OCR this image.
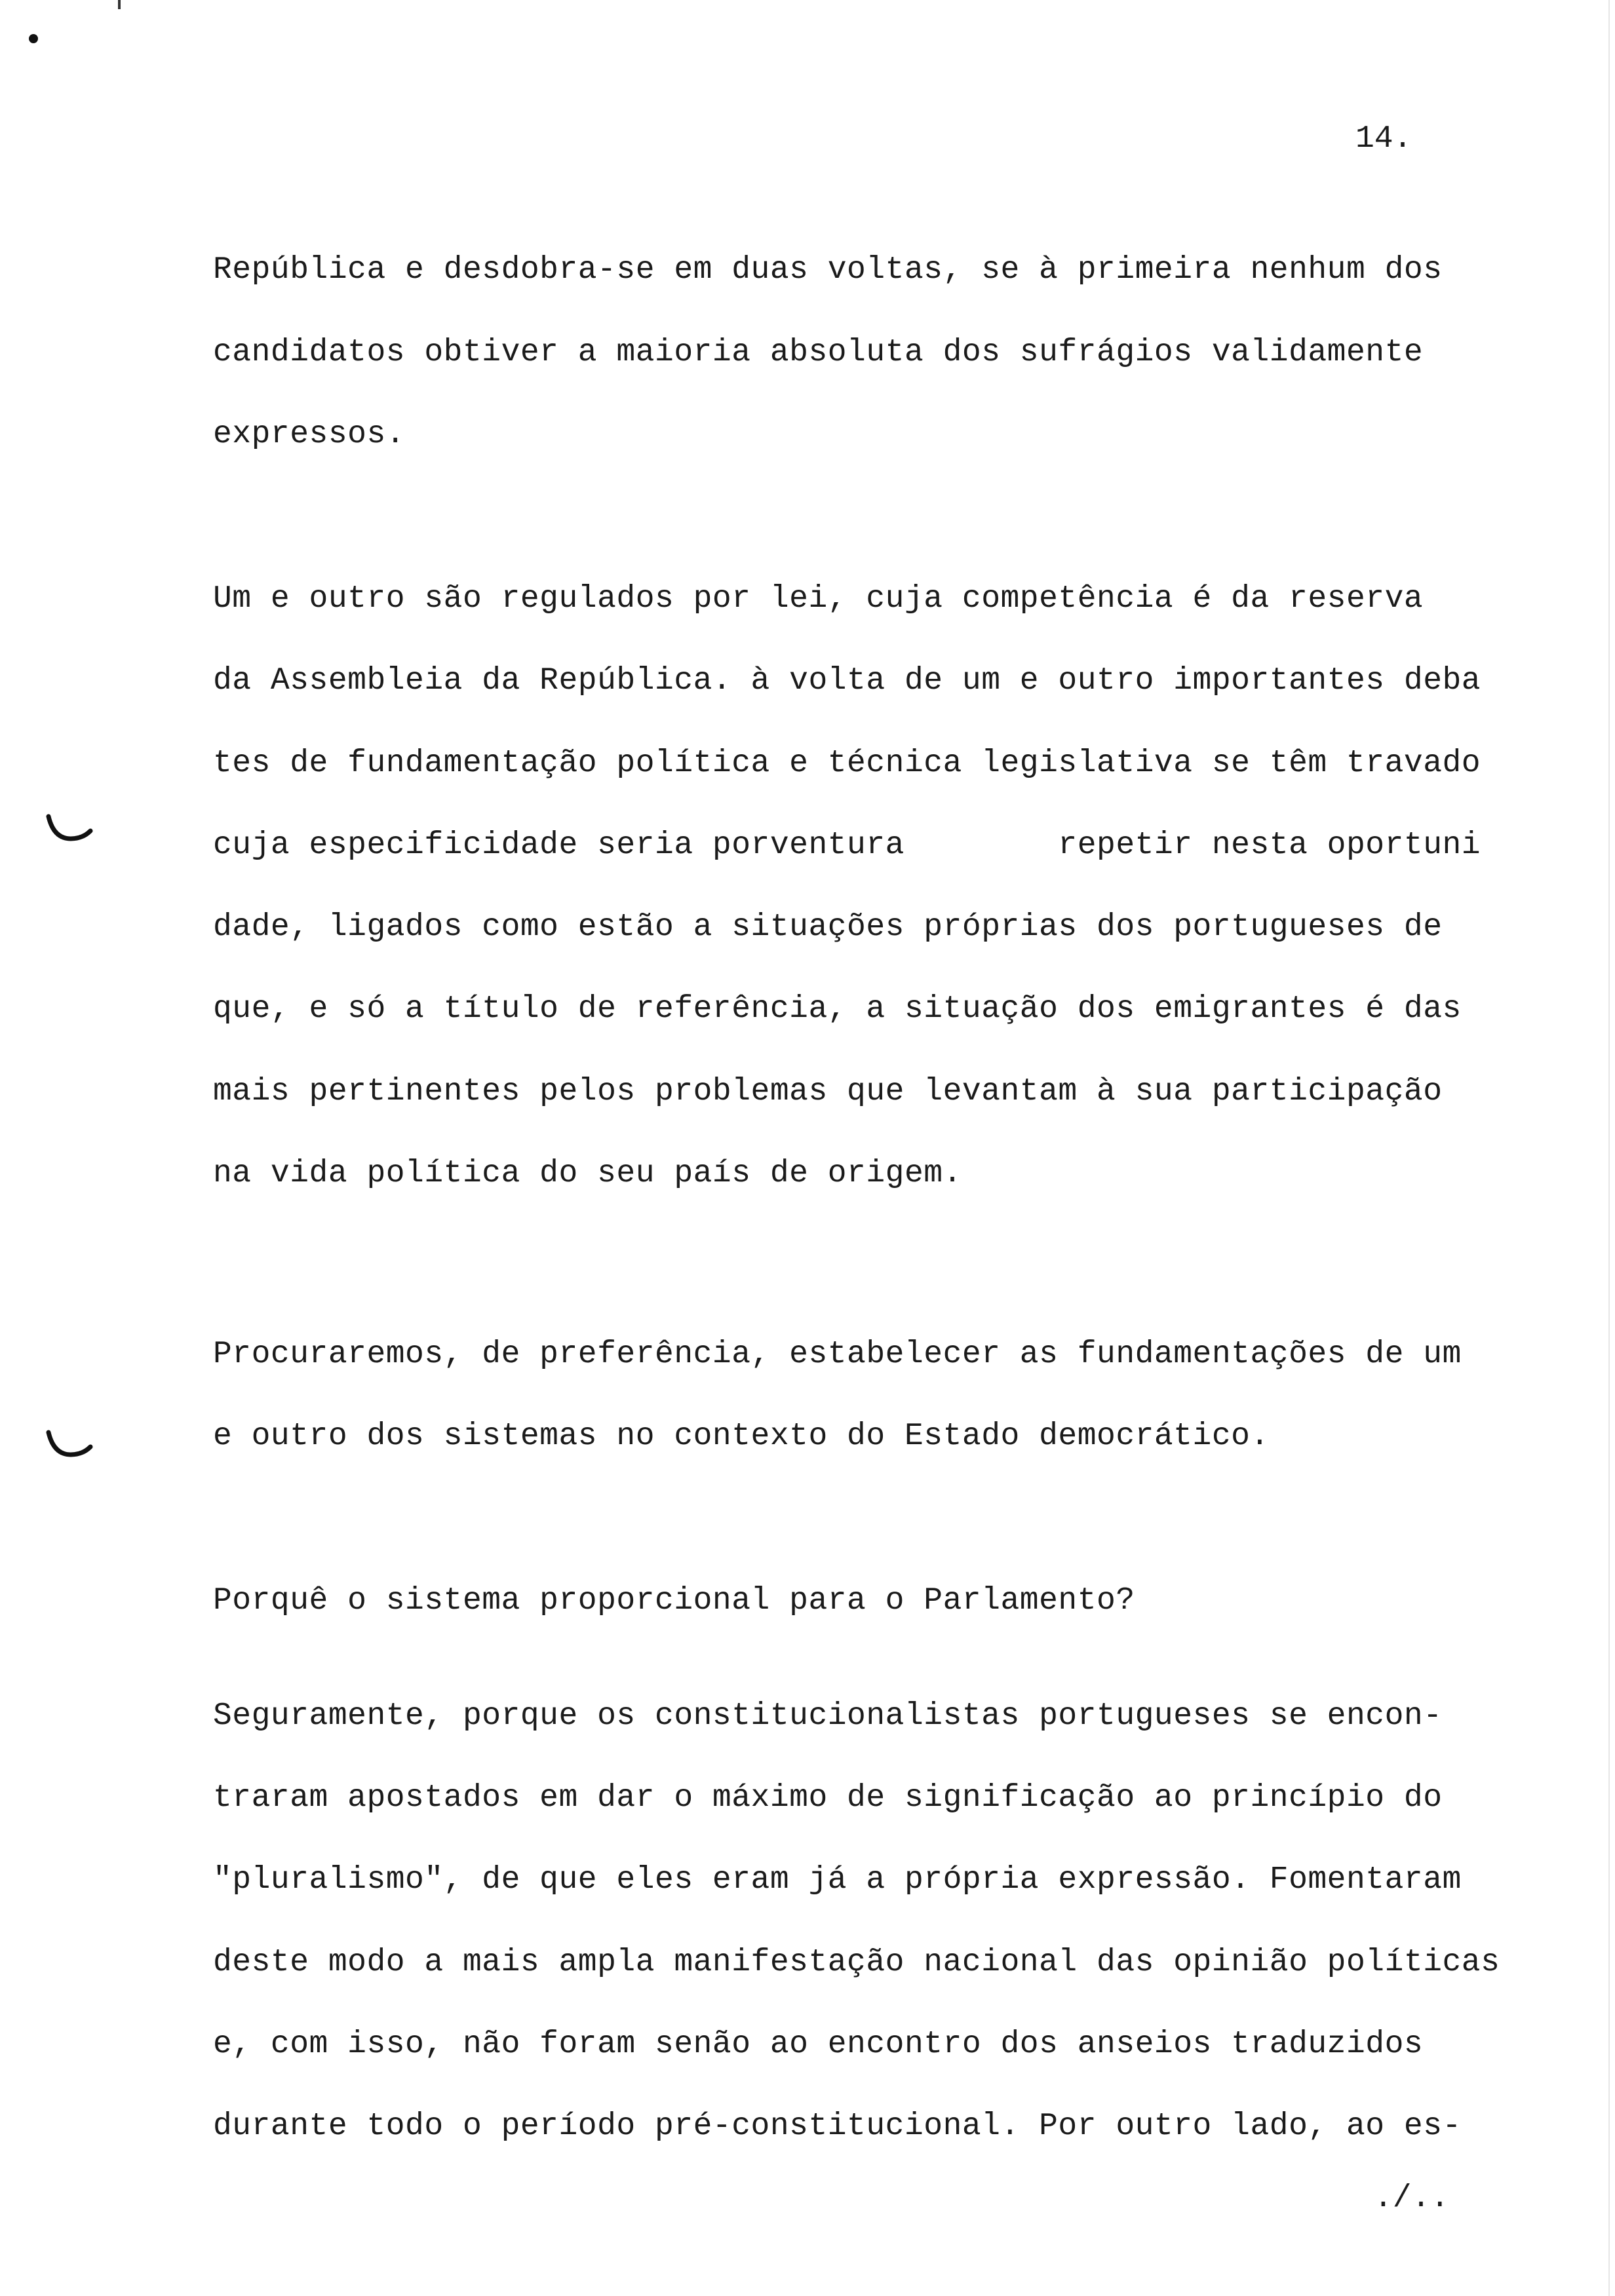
14.
República e desdobra-se em duas voltas, se à primeira nenhum dos
candidatos obtiver a maioria absoluta dos sufrágios validamente
expressos.
Um e outro são regulados por lei, cuja competência é da reserva
da Assembleia da República. à volta de um e outro importantes deba
tes de fundamentação política e técnica legislativa se têm travado
cuja especificidade seria porventura        repetir nesta oportuni
dade, ligados como estão a situações próprias dos portugueses de
que, e só a título de referência, a situação dos emigrantes é das
mais pertinentes pelos problemas que levantam à sua participação
na vida política do seu país de origem.
Procuraremos, de preferência, estabelecer as fundamentações de um
e outro dos sistemas no contexto do Estado democrático.
Porquê o sistema proporcional para o Parlamento?
Seguramente, porque os constitucionalistas portugueses se encon-
traram apostados em dar o máximo de significação ao princípio do
"pluralismo", de que eles eram já a própria expressão. Fomentaram
deste modo a mais ampla manifestação nacional das opinião políticas
e, com isso, não foram senão ao encontro dos anseios traduzidos
durante todo o período pré-constitucional. Por outro lado, ao es-
./..
